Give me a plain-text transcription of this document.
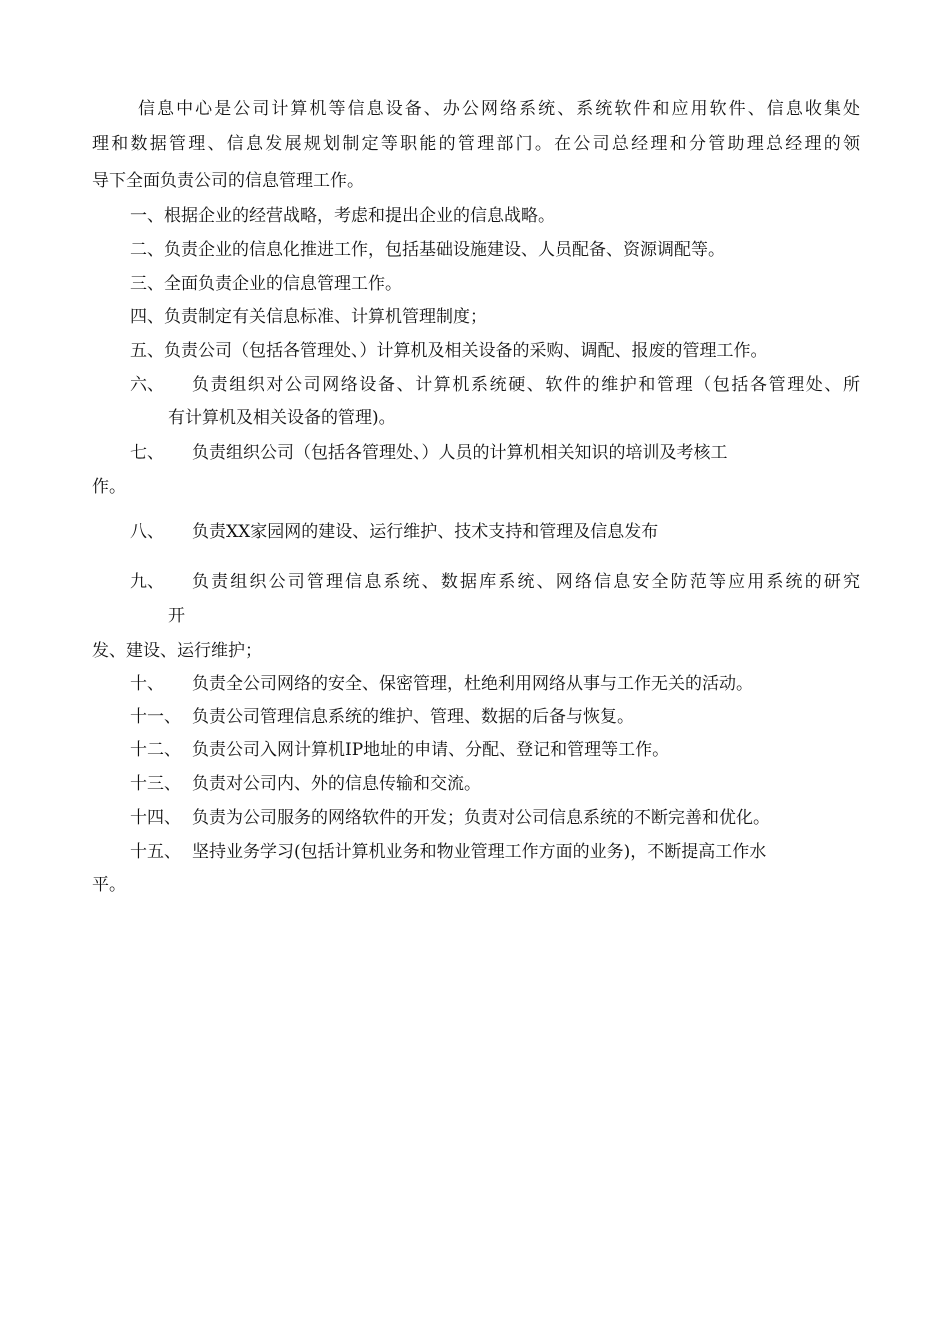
信息中心是公司计算机等信息设备、办公网络系统、系统软件和应用软件、信息收集处
理和数据管理、信息发展规划制定等职能的管理部门。在公司总经理和分管助理总经理的领
导下全面负责公司的信息管理工作。
一、根据企业的经营战略，考虑和提出企业的信息战略。
二、负责企业的信息化推进工作，包括基础设施建设、人员配备、资源调配等。
三、全面负责企业的信息管理工作。
四、负责制定有关信息标准、计算机管理制度；
五、负责公司（包括各管理处、）计算机及相关设备的采购、调配、报废的管理工作。
六、 负责组织对公司网络设备、计算机系统硬、软件的维护和管理（包括各管理处、所
有计算机及相关设备的管理)。
七、 负责组织公司（包括各管理处、）人员的计算机相关知识的培训及考核工
作。
八、 负责XX家园网的建设、运行维护、技术支持和管理及信息发布
九、 负责组织公司管理信息系统、数据库系统、网络信息安全防范等应用系统的研究
开
发、建设、运行维护；
十、 负责全公司网络的安全、保密管理，杜绝利用网络从事与工作无关的活动。
十一、 负责公司管理信息系统的维护、管理、数据的后备与恢复。
十二、 负责公司入网计算机IP地址的申请、分配、登记和管理等工作。
十三、 负责对公司内、外的信息传输和交流。
十四、 负责为公司服务的网络软件的开发；负责对公司信息系统的不断完善和优化。
十五、 坚持业务学习(包括计算机业务和物业管理工作方面的业务)，不断提高工作水
平。
